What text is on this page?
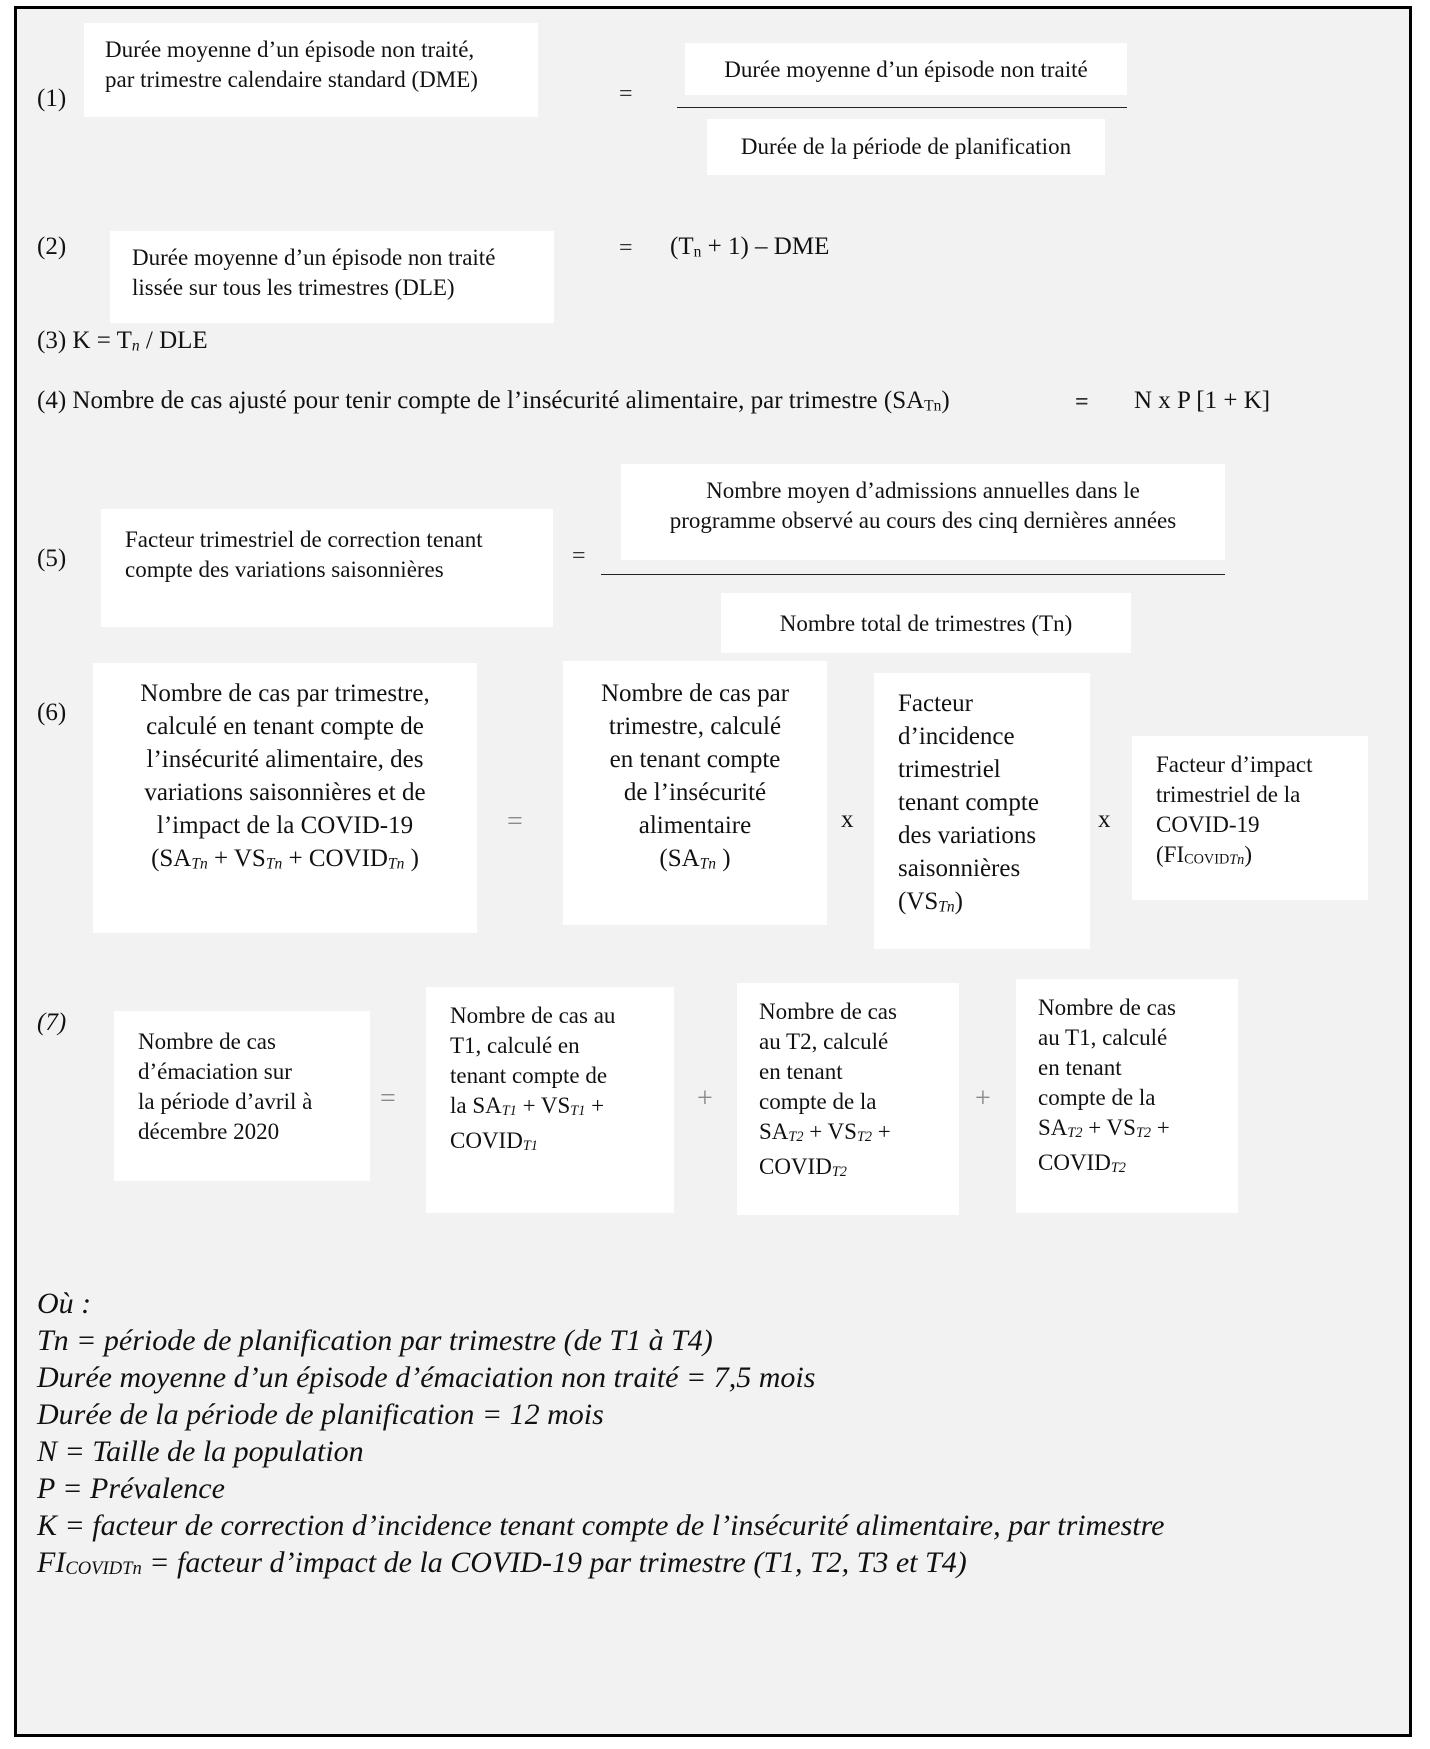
(1)
Durée moyenne d’un épisode non traité,
par trimestre calendaire standard (DME)
=
Durée moyenne d’un épisode non traité
Durée de la période de planification
(2)	Durée moyenne d’un épisode non traité
lissée sur tous les trimestres (DLE)
= $(T_n + 1)$ – DME
(3) $K = T_n$ / DLE
(4) Nombre de cas ajusté pour tenir compte de l’insécurité alimentaire, par trimestre $(SA_{Tn})$	= N x P [1 + K]
(5)
Facteur trimestriel de correction tenant
compte des variations saisonnières
=
Nombre moyen d’admissions annuelles dans le
programme observé au cours des cinq dernières années
Nombre total de trimestres (Tn)
(6)
Nombre de cas par trimestre,
calculé en tenant compte de
l’insécurité alimentaire, des
variations saisonnières et de
l’impact de la COVID-19
($SA_{Tn} + VS_{Tn}$ + $COVID_{Tn}$ )
=
Nombre de cas par
trimestre, calculé
en tenant compte
de l’insécurité
alimentaire
($SA_{Tn}$ )
x
Facteur
d’incidence
trimestriel
tenant compte
des variations
saisonnières
$(VS_{Tn})$
x
Facteur d’impact
trimestriel de la
COVID-19
$(FI_{COVIDTn})$
(7)
Nombre de cas
d’émaciation sur
la période d’avril à
décembre 2020
=
Nombre de cas au
T1, calculé en
tenant compte de
la $SA_{T1} + VS_{T1}$ +
$COVID_{T1}$
+
Nombre de cas
au T2, calculé
en tenant
compte de la
$SA_{T2} + VS_{T2}$ +
$COVID_{T2}$
+
Nombre de cas
au T1, calculé
en tenant
compte de la
$SA_{T2} + VS_{T2}$ +
$COVID_{T2}$
Où :
Tn = période de planification par trimestre (de T1 à T4)
Durée moyenne d’un épisode d’émaciation non traité = 7,5 mois
Durée de la période de planification = 12 mois
N = Taille de la population
P = Prévalence
K = facteur de correction d’incidence tenant compte de l’insécurité alimentaire, par trimestre
$FI_{COVIDTn}$ = facteur d’impact de la COVID-19 par trimestre (T1, T2, T3 et T4)
